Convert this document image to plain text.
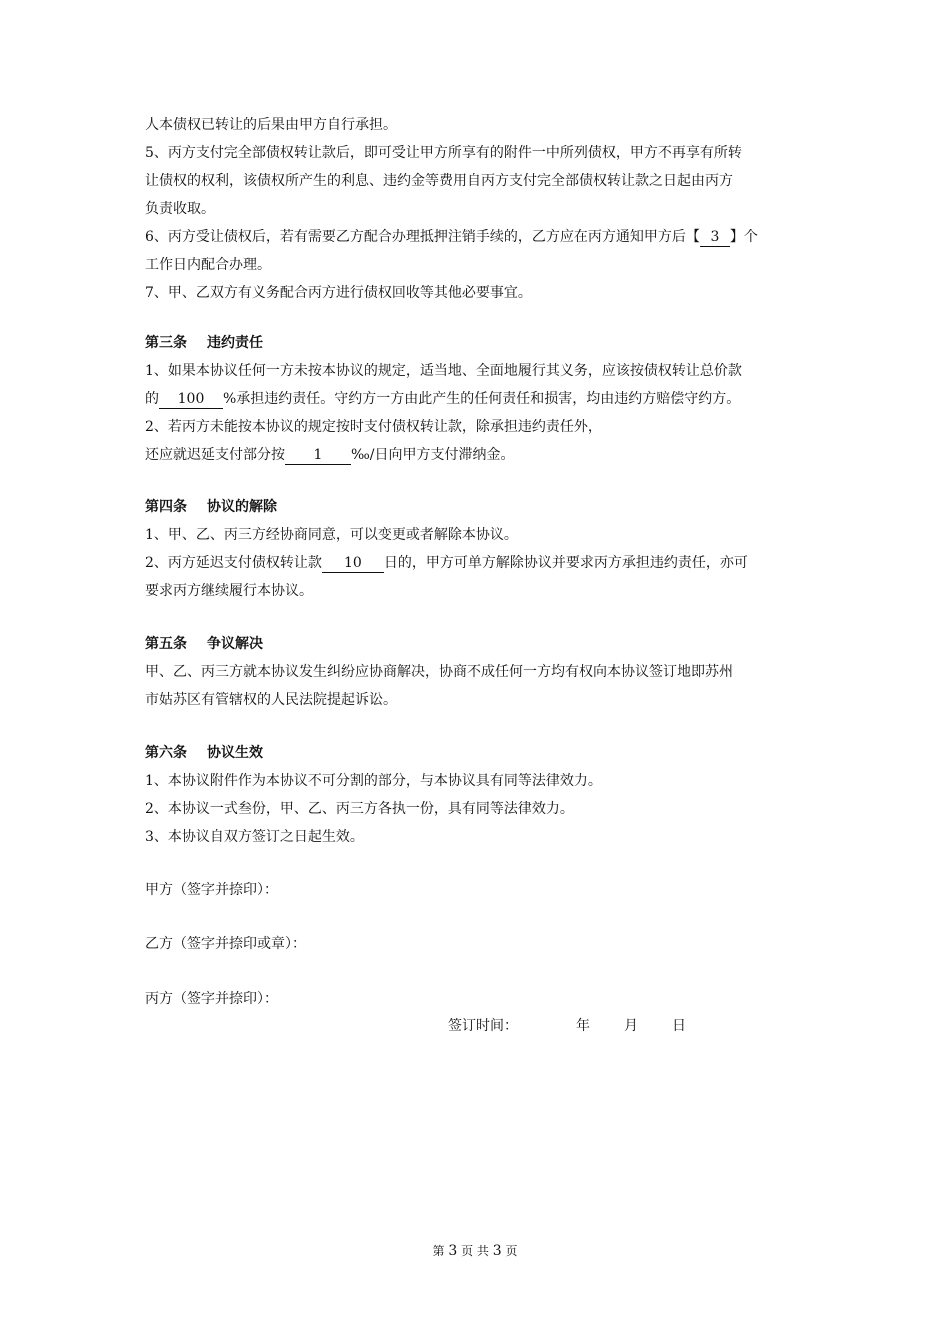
人本债权已转让的后果由甲方自行承担。
5、丙方支付完全部债权转让款后，即可受让甲方所享有的附件一中所列债权，甲方不再享有所转
让债权的权利，该债权所产生的利息、违约金等费用自丙方支付完全部债权转让款之日起由丙方
负责收取。
6、丙方受让债权后，若有需要乙方配合办理抵押注销手续的，乙方应在丙方通知甲方后【 3 】个
工作日内配合办理。
7、甲、乙双方有义务配合丙方进行债权回收等其他必要事宜。
第三条 违约责任
1、如果本协议任何一方未按本协议的规定，适当地、全面地履行其义务，应该按债权转让总价款
的 100 %承担违约责任。守约方一方由此产生的任何责任和损害，均由违约方赔偿守约方。
2、若丙方未能按本协议的规定按时支付债权转让款，除承担违约责任外，
还应就迟延支付部分按 1 ‰/日向甲方支付滞纳金。
第四条 协议的解除
1、甲、乙、丙三方经协商同意，可以变更或者解除本协议。
2、丙方延迟支付债权转让款 10 日的，甲方可单方解除协议并要求丙方承担违约责任，亦可
要求丙方继续履行本协议。
第五条 争议解决
甲、乙、丙三方就本协议发生纠纷应协商解决，协商不成任何一方均有权向本协议签订地即苏州
市姑苏区有管辖权的人民法院提起诉讼。
第六条 协议生效
1、本协议附件作为本协议不可分割的部分，与本协议具有同等法律效力。
2、本协议一式叁份，甲、乙、丙三方各执一份，具有同等法律效力。
3、本协议自双方签订之日起生效。
甲方（签字并捺印）：
乙方（签字并捺印或章）：
丙方（签字并捺印）：
签订时间：	年 月 日
第 3 页 共 3 页
